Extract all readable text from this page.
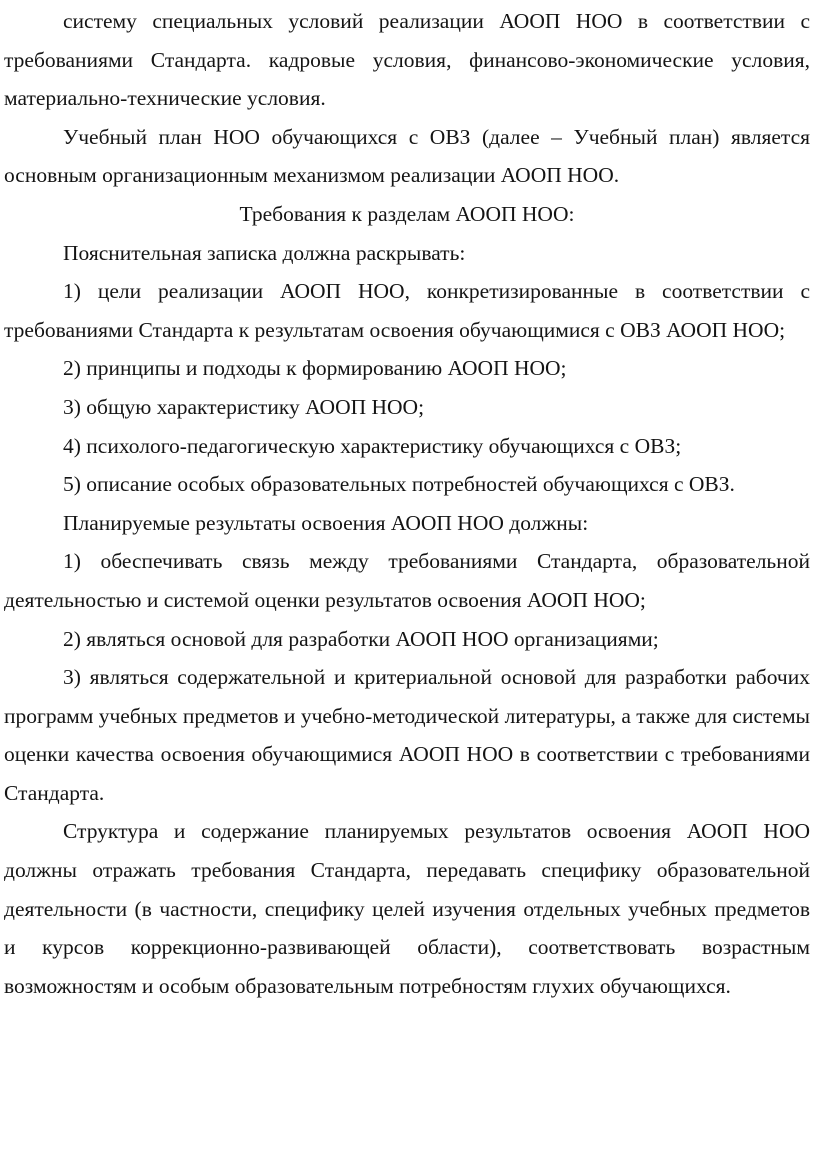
системy специальных условий реализации АООП НОО в соответствии с требованиями Стандарта. кадровые условия, финансово-экономические условия, материально-технические условия.

Учебный план НОО обучающихся с ОВЗ (далее – Учебный план) является основным организационным механизмом реализации АООП НОО.

Требования к разделам АООП НОО:

Пояснительная записка должна раскрывать:

1) цели реализации АООП НОО, конкретизированные в соответствии с требованиями Стандарта к результатам освоения обучающимися с ОВЗ АООП НОО;

2) принципы и подходы к формированию АООП НОО;

3) общую характеристику АООП НОО;

4) психолого-педагогическую характеристику обучающихся с ОВЗ;

5) описание особых образовательных потребностей обучающихся с ОВЗ.

Планируемые результаты освоения АООП НОО должны:

1) обеспечивать связь между требованиями Стандарта, образовательной деятельностью и системой оценки результатов освоения АООП НОО;

2) являться основой для разработки АООП НОО организациями;

3) являться содержательной и критериальной основой для разработки рабочих программ учебных предметов и учебно-методической литературы, а также для системы оценки качества освоения обучающимися АООП НОО в соответствии с требованиями Стандарта.

Структура и содержание планируемых результатов освоения АООП НОО должны отражать требования Стандарта, передавать специфику образовательной деятельности (в частности, специфику целей изучения отдельных учебных предметов и курсов коррекционно-развивающей области), соответствовать возрастным возможностям и особым образовательным потребностям глухих обучающихся.
